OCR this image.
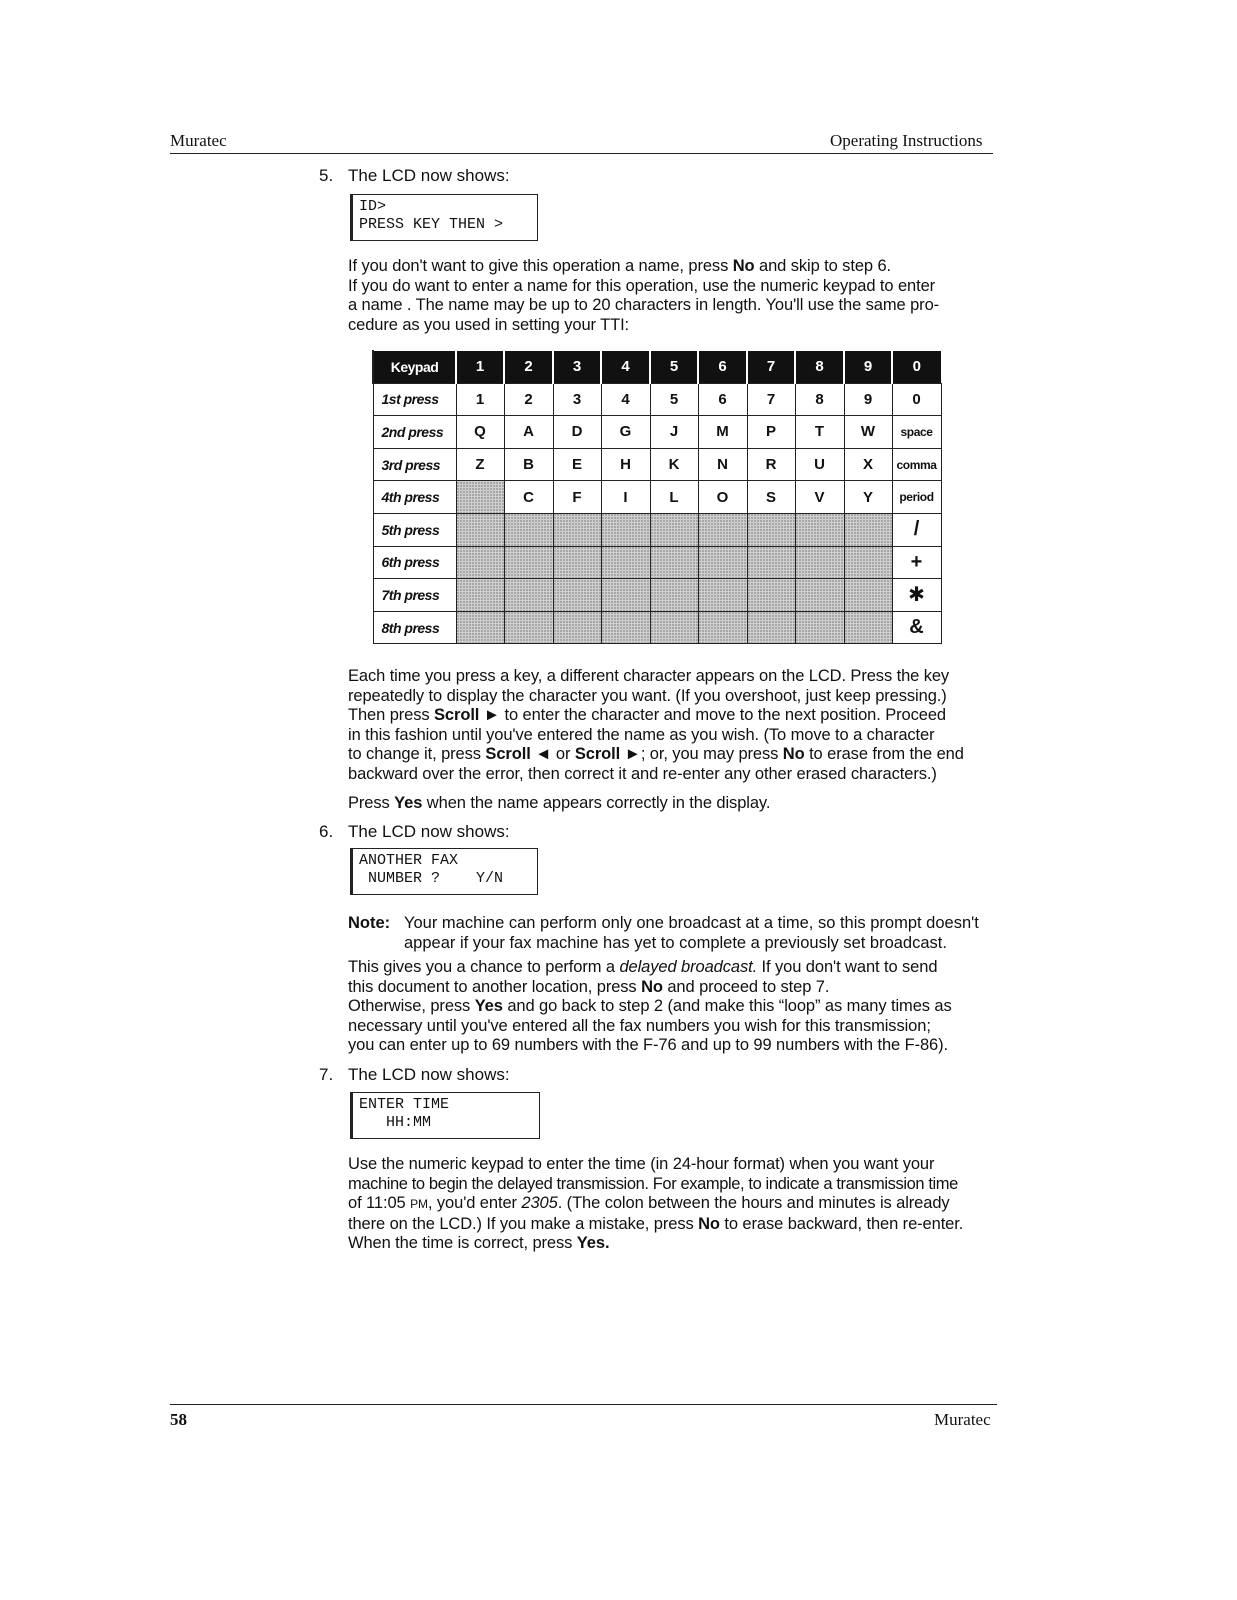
Muratec	Operating Instructions
5. The LCD now shows:
ID>
PRESS KEY THEN >
If you don't want to give this operation a name, press No and skip to step 6.
If you do want to enter a name for this operation, use the numeric keypad to enter
a name . The name may be up to 20 characters in length. You'll use the same pro-
cedure as you used in setting your TTI:
Keypad	1	2	3	4	5	6	7	8	9	0
1st press	1	2	3	4	5	6	7	8	9	0
2nd press	Q	A	D	G	J	M	P	T	W	space
3rd press	Z	B	E	H	K	N	R	U	X	comma
4th press		C	F	I	L	O	S	V	Y	period
5th press										/
6th press										+
7th press										✱
8th press										&
Each time you press a key, a different character appears on the LCD. Press the key
repeatedly to display the character you want. (If you overshoot, just keep pressing.)
Then press Scroll ► to enter the character and move to the next position. Proceed
in this fashion until you've entered the name as you wish. (To move to a character
to change it, press Scroll ◄ or Scroll ►; or, you may press No to erase from the end
backward over the error, then correct it and re-enter any other erased characters.)
Press Yes when the name appears correctly in the display.
6. The LCD now shows:
ANOTHER FAX
NUMBER ?    Y/N
Note: Your machine can perform only one broadcast at a time, so this prompt doesn't
appear if your fax machine has yet to complete a previously set broadcast.
This gives you a chance to perform a delayed broadcast. If you don't want to send
this document to another location, press No and proceed to step 7.
Otherwise, press Yes and go back to step 2 (and make this “loop” as many times as
necessary until you've entered all the fax numbers you wish for this transmission;
you can enter up to 69 numbers with the F-76 and up to 99 numbers with the F-86).
7. The LCD now shows:
ENTER TIME
HH:MM
Use the numeric keypad to enter the time (in 24-hour format) when you want your
machine to begin the delayed transmission. For example, to indicate a transmission time
of 11:05 PM, you'd enter 2305. (The colon between the hours and minutes is already
there on the LCD.) If you make a mistake, press No to erase backward, then re-enter.
When the time is correct, press Yes.
58	Muratec
